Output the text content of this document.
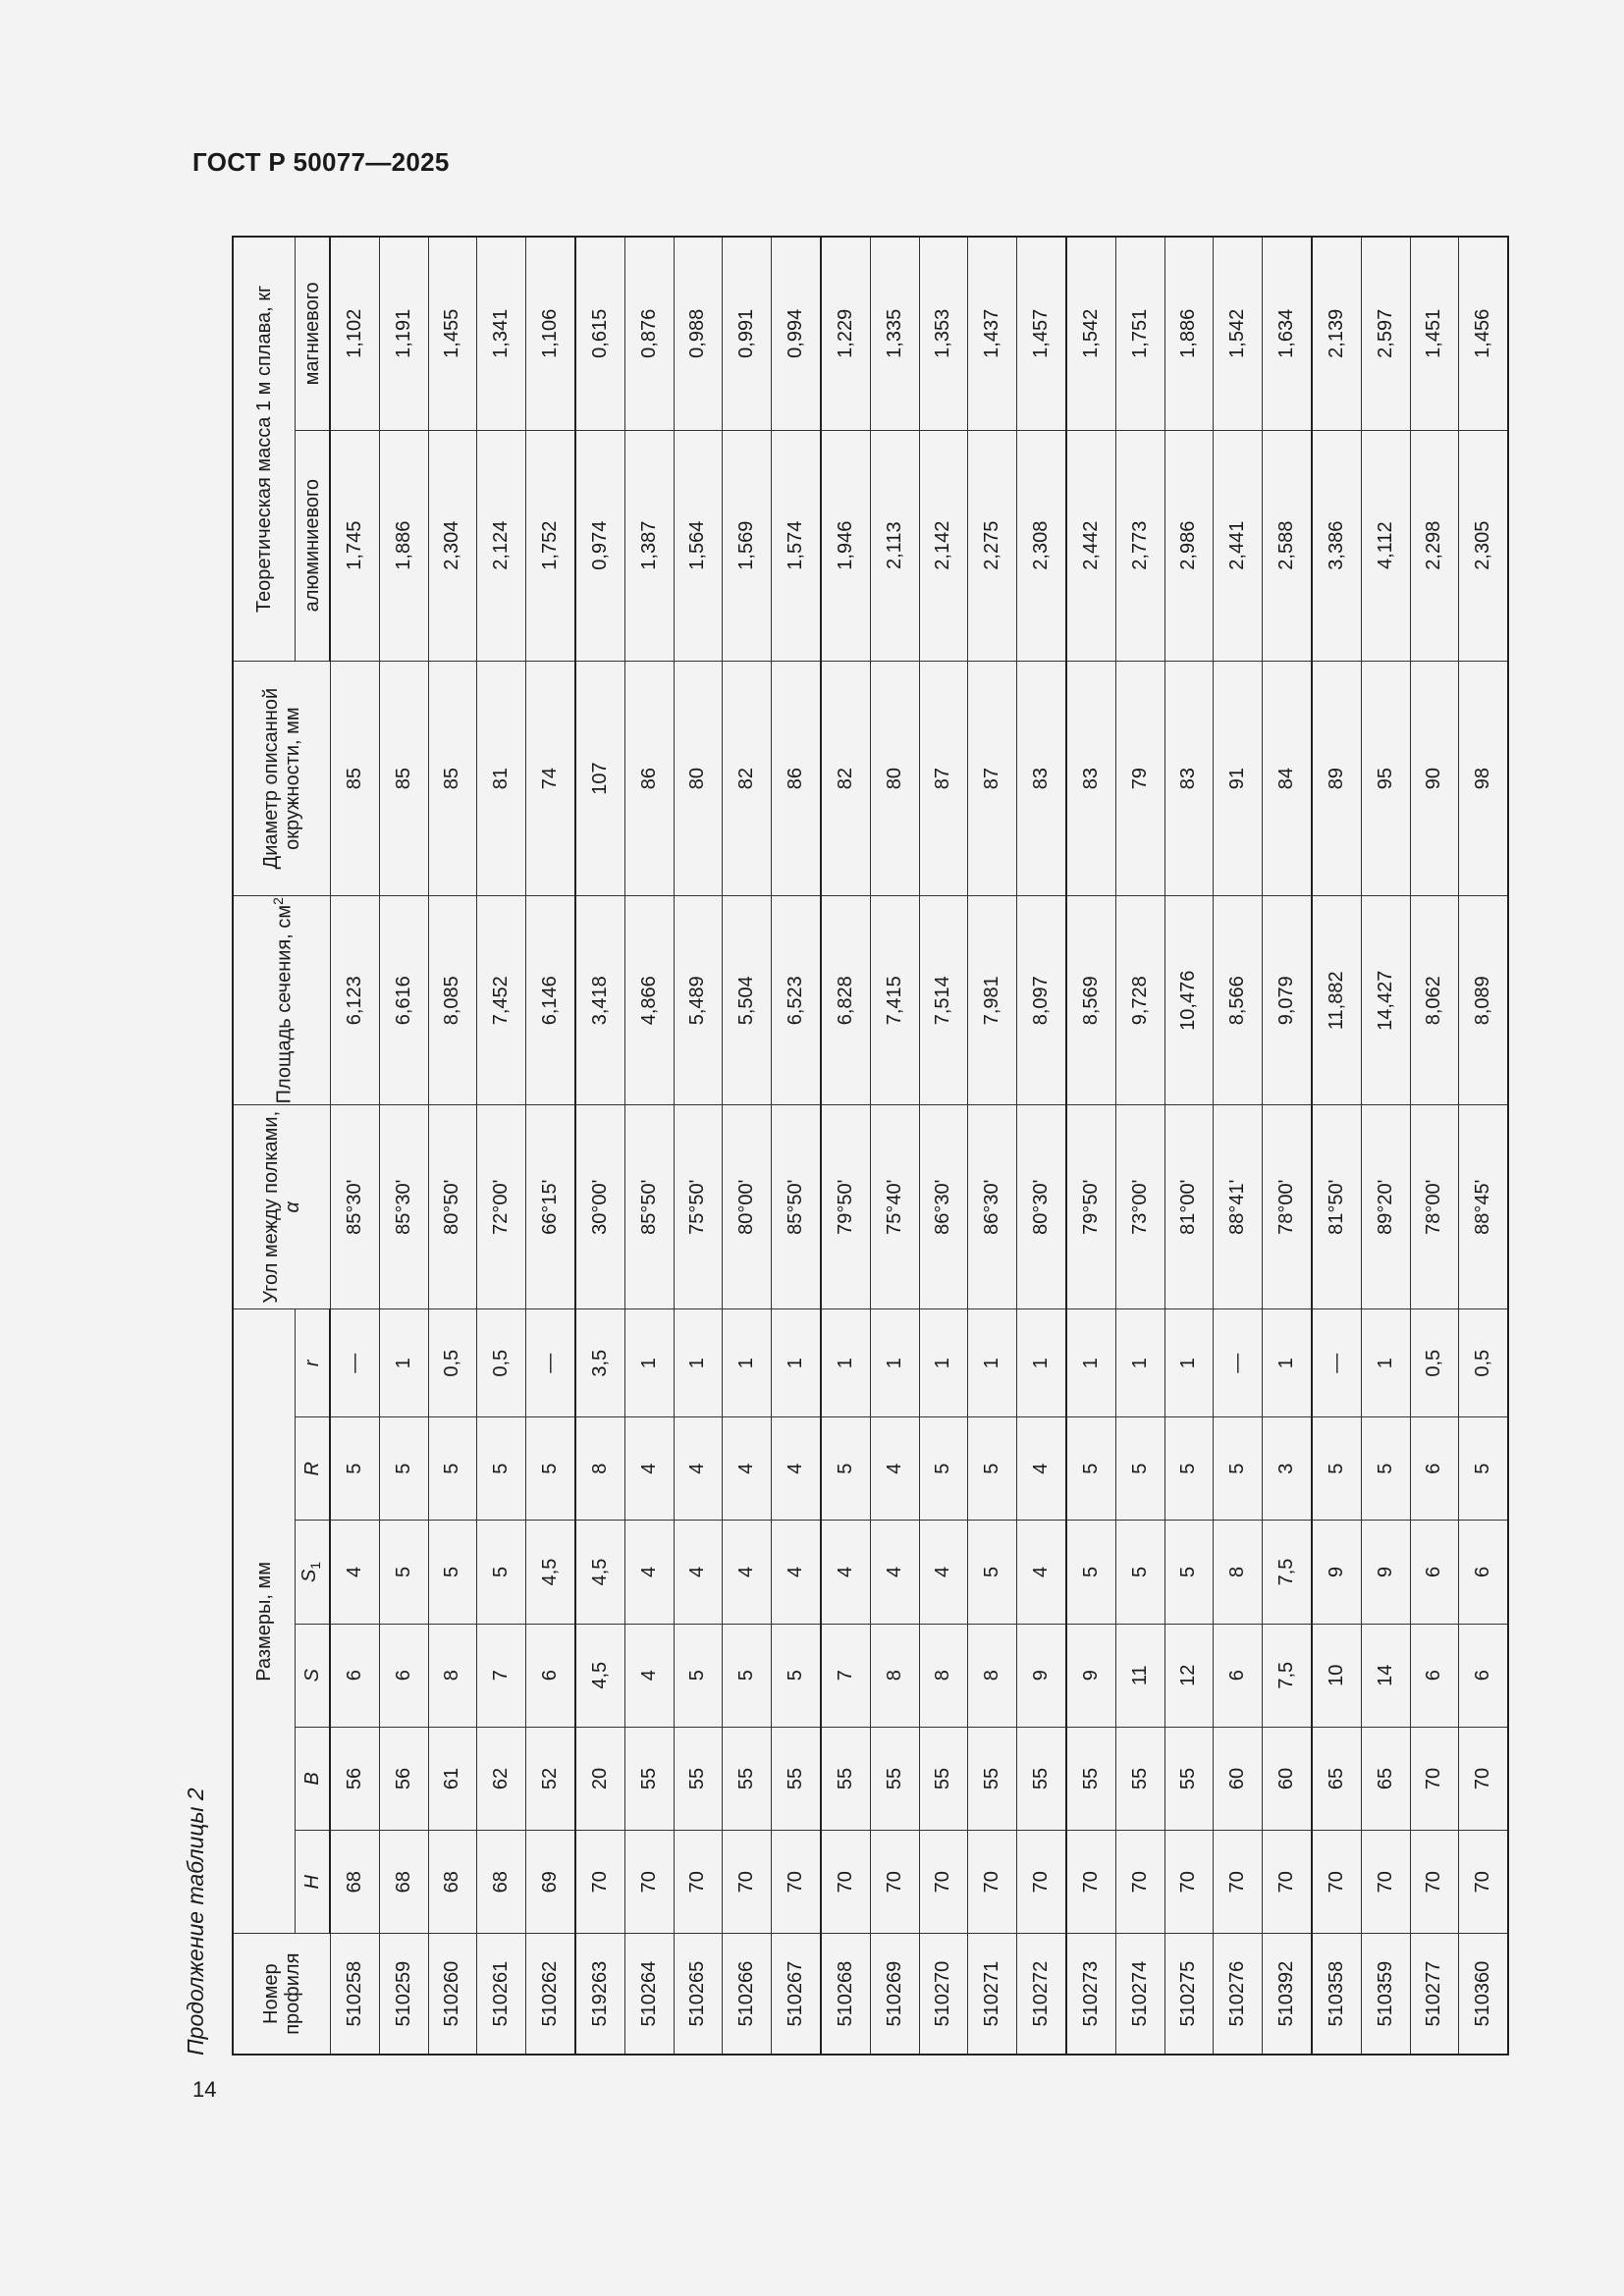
ГОСТ Р 50077—2025
Продолжение таблицы 2	Номер профиля	Размеры, мм						Угол между полками, α	Площадь сечения, $см^2$	Диаметр описанной окружности, мм	Теоретическая масса 1 м сплава, кг	
	H	B	S	$S_1$	R	r				алюминиевого	магниевого
510258	68	56	6	4	5	—	85°30'	6,123	85	1,745	1,102
510259	68	56	6	5	5	1	85°30'	6,616	85	1,886	1,191
510260	68	61	8	5	5	0,5	80°50'	8,085	85	2,304	1,455
510261	68	62	7	5	5	0,5	72°00'	7,452	81	2,124	1,341
510262	69	52	6	4,5	5	—	66°15'	6,146	74	1,752	1,106
519263	70	20	4,5	4,5	8	3,5	30°00'	3,418	107	0,974	0,615
510264	70	55	4	4	4	1	85°50'	4,866	86	1,387	0,876
510265	70	55	5	4	4	1	75°50'	5,489	80	1,564	0,988
510266	70	55	5	4	4	1	80°00'	5,504	82	1,569	0,991
510267	70	55	5	4	4	1	85°50'	6,523	86	1,574	0,994
510268	70	55	7	4	5	1	79°50'	6,828	82	1,946	1,229
510269	70	55	8	4	4	1	75°40'	7,415	80	2,113	1,335
510270	70	55	8	4	5	1	86°30'	7,514	87	2,142	1,353
510271	70	55	8	5	5	1	86°30'	7,981	87	2,275	1,437
510272	70	55	9	4	4	1	80°30'	8,097	83	2,308	1,457
510273	70	55	9	5	5	1	79°50'	8,569	83	2,442	1,542
510274	70	55	11	5	5	1	73°00'	9,728	79	2,773	1,751
510275	70	55	12	5	5	1	81°00'	10,476	83	2,986	1,886
510276	70	60	6	8	5	—	88°41'	8,566	91	2,441	1,542
510392	70	60	7,5	7,5	3	1	78°00'	9,079	84	2,588	1,634
510358	70	65	10	9	5	—	81°50'	11,882	89	3,386	2,139
510359	70	65	14	9	5	1	89°20'	14,427	95	4,112	2,597
510277	70	70	6	6	6	0,5	78°00'	8,062	90	2,298	1,451
510360	70	70	6	6	5	0,5	88°45'	8,089	98	2,305	1,456
14
